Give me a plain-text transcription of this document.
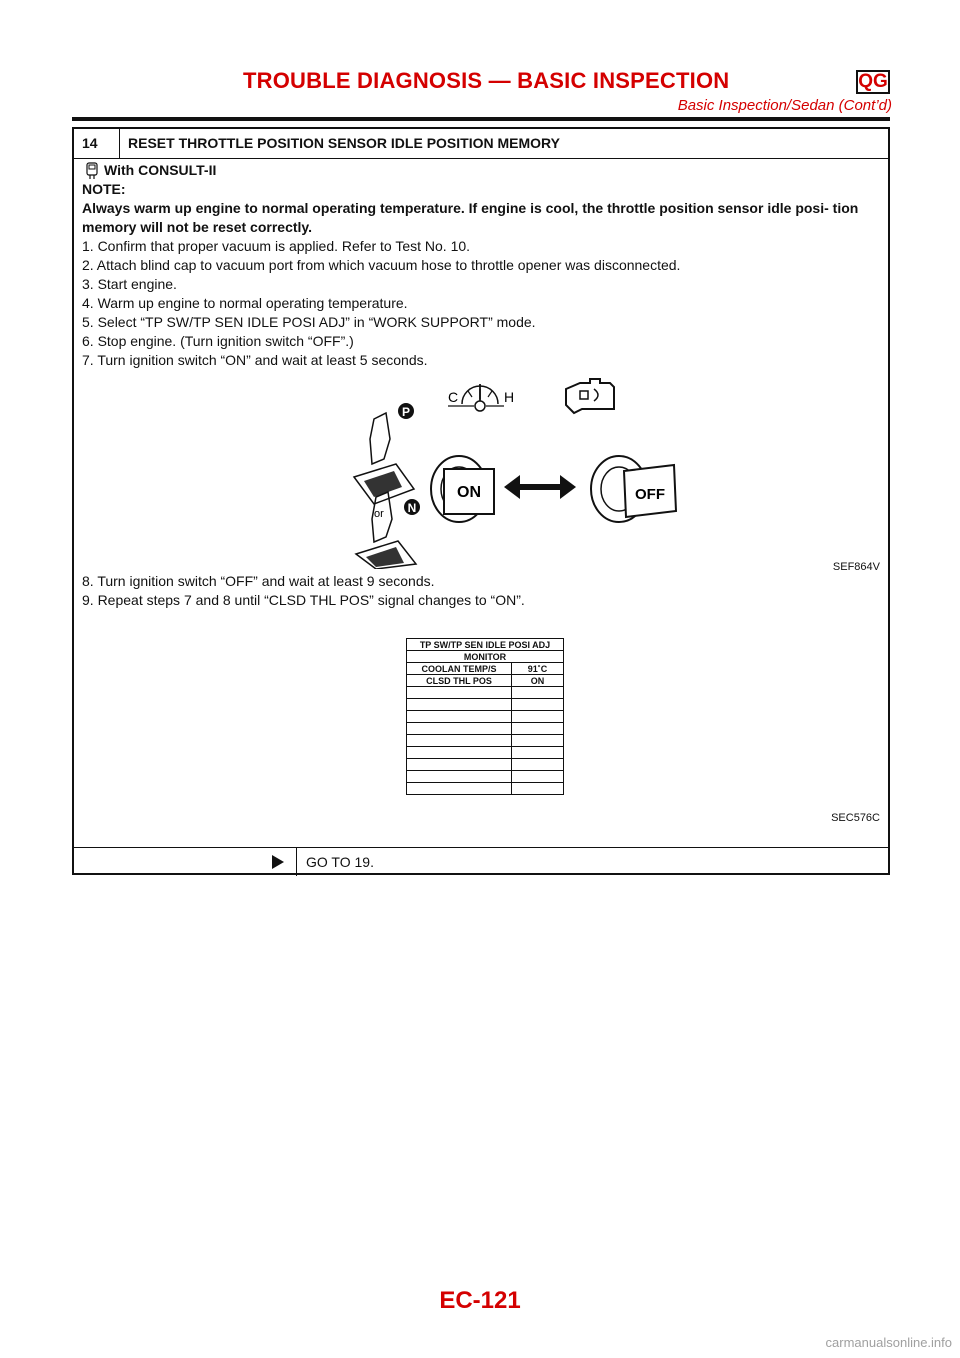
TROUBLE DIAGNOSIS — BASIC INSPECTION	QG
Basic Inspection/Sedan (Cont’d)
14	RESET THROTTLE POSITION SENSOR IDLE POSITION MEMORY
With CONSULT-II

NOTE:

Always warm up engine to normal operating temperature. If engine is cool, the throttle position sensor idle posi- tion memory will not be reset correctly.

1. Confirm that proper vacuum is applied. Refer to Test No. 10.

2. Attach blind cap to vacuum port from which vacuum hose to throttle opener was disconnected.

3. Start engine.

4. Warm up engine to normal operating temperature.

5. Select “TP SW/TP SEN IDLE POSI ADJ” in “WORK SUPPORT” mode.

6. Stop engine. (Turn ignition switch “OFF”.)

7. Turn ignition switch “ON” and wait at least 5 seconds.

C	H
P
or N
ON	OFF
SEF864V

8. Turn ignition switch “OFF” and wait at least 9 seconds.

9. Repeat steps 7 and 8 until “CLSD THL POS” signal changes to “ON”.

TP SW/TP SEN IDLE POSI ADJ	
MONITOR	
COOLAN TEMP/S	91˚C
CLSD THL POS	ON

SEC576C
GO TO 19.
EC-121
carmanualsonline.info
